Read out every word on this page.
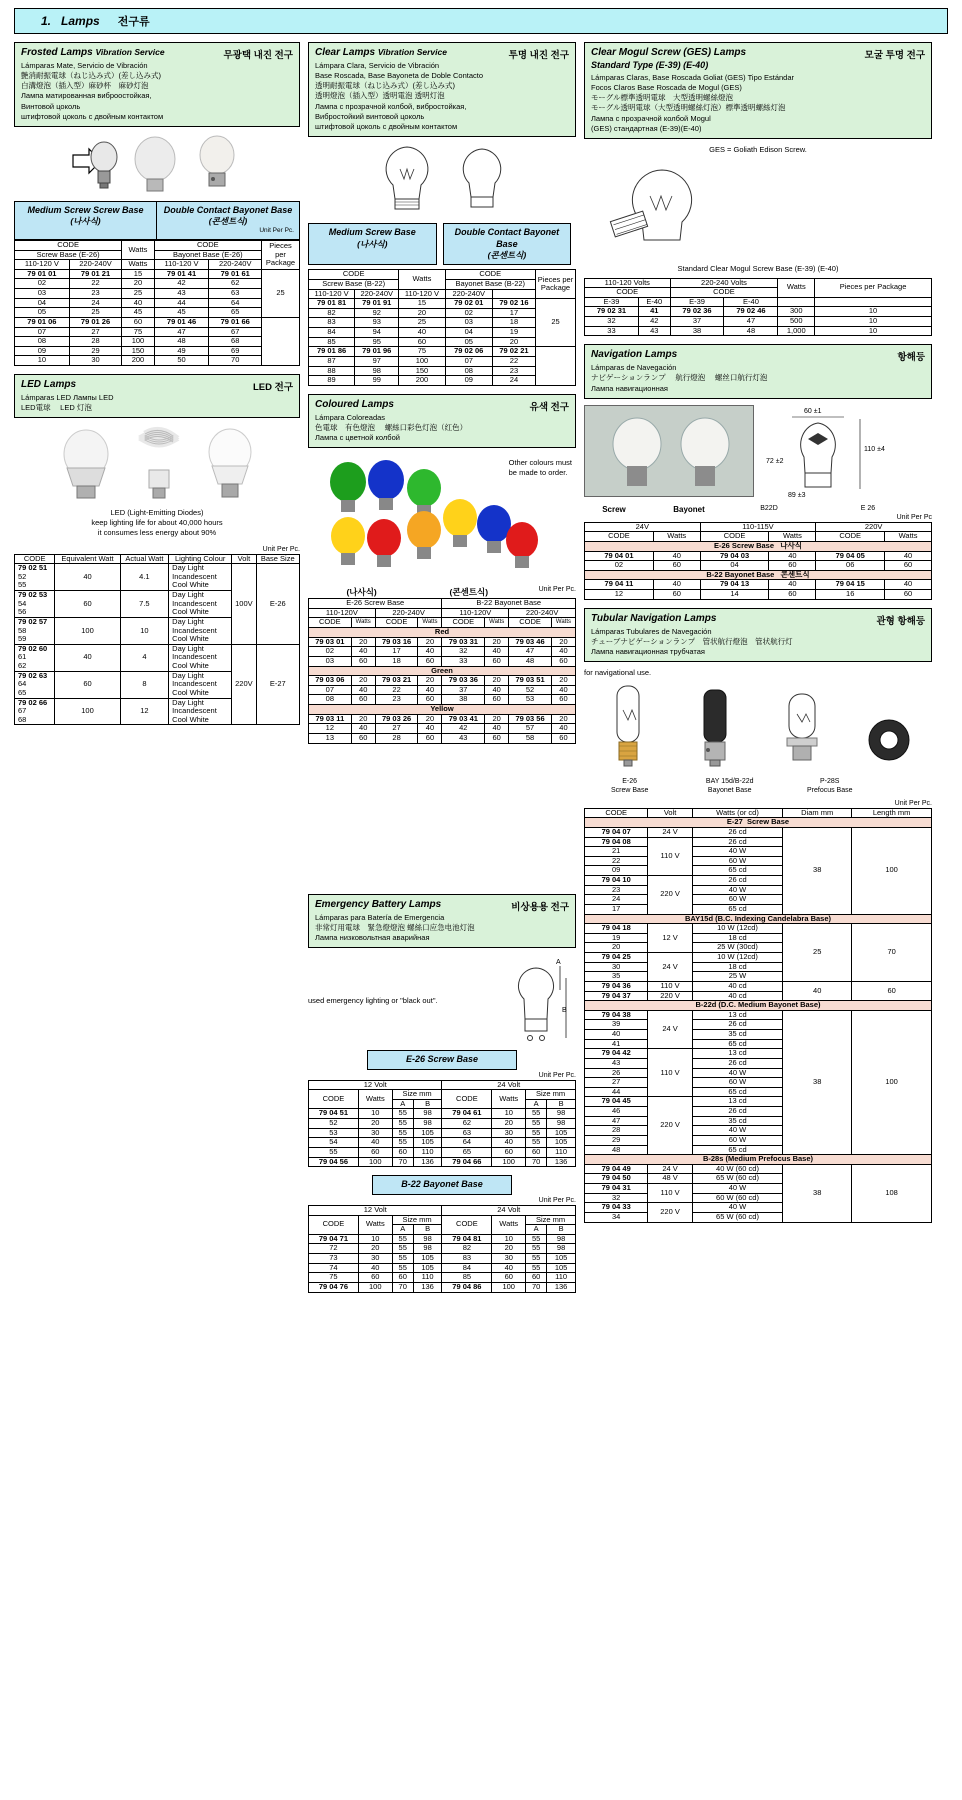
1. Lamps 전구류
무광택 내진 전구
Frosted Lamps Vibration Service
Lámparas Mate, Servicio de Vibración
艶消耐振電球（ねじ込み式）(差し込み式)
白溝燈泡（插入型）麻砂杯　麻砂灯泡
Лампа матированная виброостойкая,
Винтовой цоколь
штифтовой цоколь с двойным контактом
Medium Screw Screw Base
(나사식)
Double Contact Bayonet Base
(콘센트식)
Unit Per Pc.
CODE		Watts	CODE		Pieces per Package
Screw Base (E-26)			Bayonet Base (E-26)		
110-120 V	220-240V	Watts	110-120 V	220-240V	
79 01 01	79 01 21	15	79 01 41	79 01 61	25
02	22	20	42	62	
03	23	25	43	63	
04	24	40	44	64	
05	25	45	45	65	
79 01 06	79 01 26	60	79 01 46	79 01 66	
07	27	75	47	67	
08	28	100	48	68	
09	29	150	49	69	
10	30	200	50	70	
LED 전구
LED Lamps
Lámparas LED Лампы LED
LED電球　 LED 灯泡
LED (Light-Emitting Diodes)
keep lighting life for about 40,000 hours
it consumes less energy about 90%
Unit Per Pc.
CODE	Equivalent Watt	Actual Watt	Lighting Colour	Volt	Base Size

79 02 51
52
55
	40	4.1	
Day Light
Incandescent
Cool White
	100V	E-26

79 02 53
54
56
	60	7.5	
Day Light
Incandescent
Cool White

79 02 57
58
59
	100	10	
Day Light
Incandescent
Cool White

79 02 60
61
62
	40	4	
Day Light
Incandescent
Cool White
	220V	E-27

79 02 63
64
65
	60	8	
Day Light
Incandescent
Cool White

79 02 66
67
68
	100	12	
Day Light
Incandescent
Cool White
투명 내진 전구
Clear Lamps Vibration Service
Lámpara Clara, Servicio de Vibración
Base Roscada, Base Bayoneta de Doble Contacto
透明耐振電球（ねじ込み式）(差し込み式)
透明燈泡（插入型）透明電泡 透明灯泡
Лампа с прозрачной колбой, виброcтойкая,
Виброcтойкий винтовой цоколь
штифтовой цоколь с двойным контактом
Medium Screw Base
(나사식)
Double Contact Bayonet Base
(콘센트식)
CODE		Watts	CODE		Pieces per Package
Screw Base (B-22)			Bayonet Base (B-22)		
110-120 V	220-240V	110-120 V	220-240V		
79 01 81	79 01 91	15	79 02 01	79 02 16	25
82	92	20	02	17	
83	93	25	03	18	
84	94	40	04	19	
85	95	60	05	20	
79 01 86	79 01 96	75	79 02 06	79 02 21	
87	97	100	07	22	
88	98	150	08	23	
89	99	200	09	24	
유색 전구
Coloured Lamps
Lámpara Coloreadas
色電球　有色燈泡　 螺絲口彩色灯泡（红色）
Лампа с цветной колбой
Other colours must
be made to order.
(나사식)	(콘센트식)	Unit Per Pc.
E-26 Screw Base				B-22 Bayonet Base			
110-120V		220-240V		110-120V		220-240V	
CODE	Watts	CODE	Watts	CODE	Watts	CODE	Watts
Red							
79 03 01	20	79 03 16	20	79 03 31	20	79 03 46	20
02	40	17	40	32	40	47	40
03	60	18	60	33	60	48	60
Green							
79 03 06	20	79 03 21	20	79 03 36	20	79 03 51	20
07	40	22	40	37	40	52	40
08	60	23	60	38	60	53	60
Yellow							
79 03 11	20	79 03 26	20	79 03 41	20	79 03 56	20
12	40	27	40	42	40	57	40
13	60	28	60	43	60	58	60
비상용용 전구
Emergency Battery Lamps
Lámparas para Batería de Emergencia
非常灯用電球　緊急燈燈泡 螺絲口应急电池灯泡
Лампа низковольтная аварийная
used emergency lighting or "black out".
A
B
E-26 Screw Base
Unit Per Pc.
12 Volt				24 Volt			
CODE	Watts	Size mm		CODE	Watts	Size mm	
		A	B			A	B
79 04 51	10	55	98	79 04 61	10	55	98
52	20	55	98	62	20	55	98
53	30	55	105	63	30	55	105
54	40	55	105	64	40	55	105
55	60	60	110	65	60	60	110
79 04 56	100	70	136	79 04 66	100	70	136
B-22 Bayonet Base
Unit Per Pc.
12 Volt				24 Volt			
CODE	Watts	Size mm		CODE	Watts	Size mm	
		A	B			A	B
79 04 71	10	55	98	79 04 81	10	55	98
72	20	55	98	82	20	55	98
73	30	55	105	83	30	55	105
74	40	55	105	84	40	55	105
75	60	60	110	85	60	60	110
79 04 76	100	70	136	79 04 86	100	70	136
모굴 투명 전구
Clear Mogul Screw (GES) Lamps
Standard Type (E-39) (E-40)
Lámparas Claras, Base Roscada Goliat (GES) Tipo Estándar
Focos Claros Base Roscada de Mogul (GES)
モーグル標準透明電球　大型透明螺絲燈泡
モーグル透明電球（大型透明螺絲灯泡）標準透明螺絲灯泡
Лампа с прозрачной колбой Mogul
(GES) стандартная (E-39)(E-40)
GES = Goliath Edison Screw.
Standard Clear Mogul Screw Base (E-39) (E-40)
110-120 Volts		220-240 Volts		Watts	Pieces per Package
CODE		CODE			
E-39	E-40	E-39	E-40		
79 02 31	41	79 02 36	79 02 46	300	10
32	42	37	47	500	10
33	43	38	48	1,000	10
항해등
Navigation Lamps
Lámparas de Navegación
ナビゲーションランプ　 航行燈泡　 螺丝口航行灯泡
Лампа навигационная
60 ±1
110 ±4
72 ±2
89 ±3
Screw	Bayonet	B22D	E 26
Unit Per Pc
24V		110-115V		220V	
CODE	Watts	CODE	Watts	CODE	Watts
E-26 Screw Base 나사식					
79 04 01	40	79 04 03	40	79 04 05	40
02	60	04	60	06	60
B-22 Bayonet Base 콘센트식					
79 04 11	40	79 04 13	40	79 04 15	40
12	60	14	60	16	60
관형 항해등
Tubular Navigation Lamps
Lámparas Tubulares de Navegación
チューブナビゲーションランプ　管状航行燈泡　管状航行灯
Лампа навигационная трубчатая
for navigational use.
E-26
Screw Base
BAY 15d/B-22d
Bayonet Base
P-28S
Prefocus Base
Unit Per Pc.
CODE	Volt	Watts (or cd)	Diam mm	Length mm
E-27 Screw Base				
79 04 07	24 V	26 cd	38	100
79 04 08	110 V	26 cd		
21		40 W		
22		60 W		
09		65 cd		
79 04 10	220 V	26 cd		
23		40 W		
24		60 W		
17		65 cd		
BAY15d (B.C. Indexing Candelabra Base)				
79 04 18	12 V	10 W (12cd)	25	70
19		18 cd		
20		25 W (30cd)		
79 04 25	24 V	10 W (12cd)		
30		18 cd		
35		25 W		
79 04 36	110 V	40 cd	40	60
79 04 37	220 V	40 cd		
B-22d (D.C. Medium Bayonet Base)				
79 04 38	24 V	13 cd	38	100
39		26 cd		
40		35 cd		
41		65 cd		
79 04 42	110 V	13 cd		
43		26 cd		
26		40 W		
27		60 W		
44		65 cd		
79 04 45	220 V	13 cd		
46		26 cd		
47		35 cd		
28		40 W		
29		60 W		
48		65 cd		
B-28s (Medium Prefocus Base)				
79 04 49	24 V	40 W (60 cd)	38	108
79 04 50	48 V	65 W (60 cd)		
79 04 31	110 V	40 W		
32		60 W (60 cd)		
79 04 33	220 V	40 W		
34		65 W (60 cd)		
